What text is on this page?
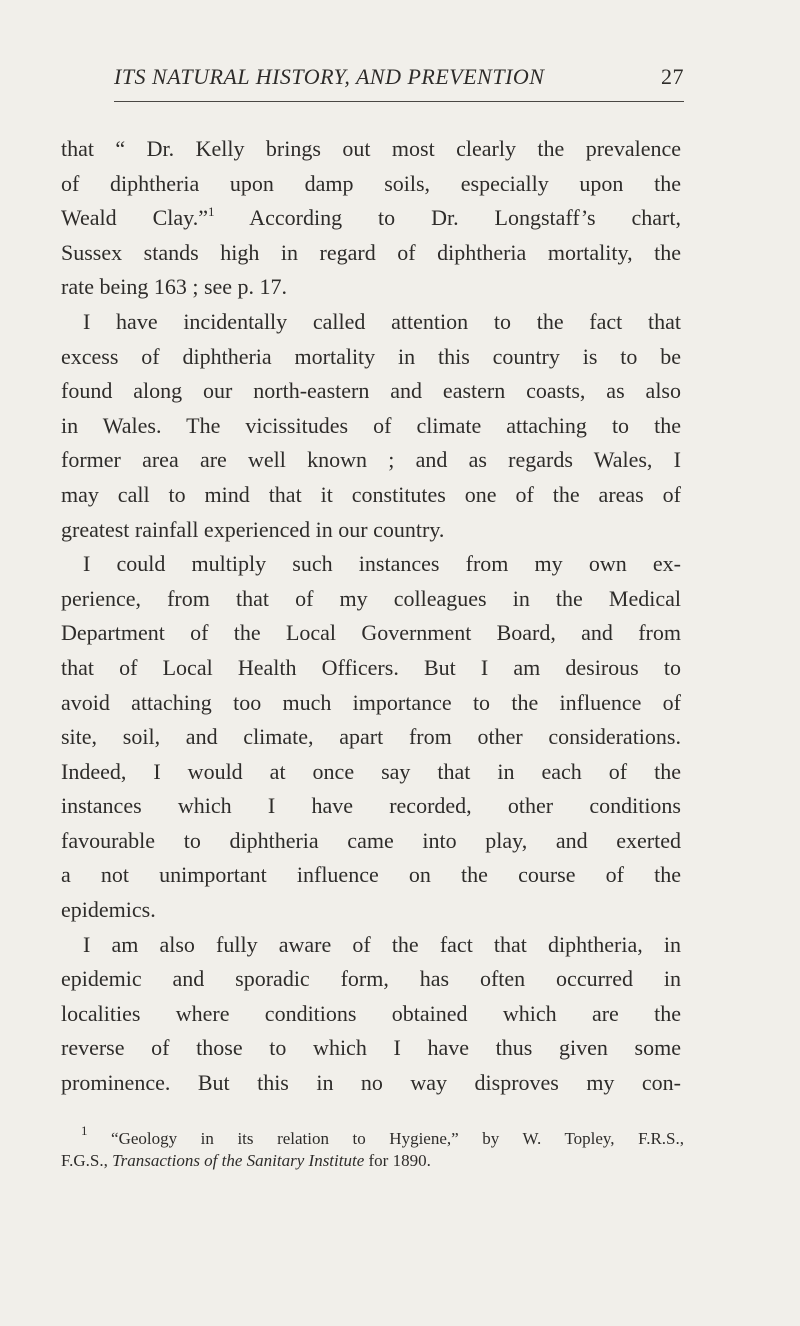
ITS NATURAL HISTORY, AND PREVENTION	27
that “ Dr. Kelly brings out most clearly the prevalence
of diphtheria upon damp soils, especially upon the
Weald Clay.”$^1$ According to Dr. Longstaff’s chart,
Sussex stands high in regard of diphtheria mortality, the
rate being 163 ; see p. 17.
I have incidentally called attention to the fact that
excess of diphtheria mortality in this country is to be
found along our north-eastern and eastern coasts, as also
in Wales. The vicissitudes of climate attaching to the
former area are well known ; and as regards Wales, I
may call to mind that it constitutes one of the areas of
greatest rainfall experienced in our country.
I could multiply such instances from my own ex-
perience, from that of my colleagues in the Medical
Department of the Local Government Board, and from
that of Local Health Officers. But I am desirous to
avoid attaching too much importance to the influence of
site, soil, and climate, apart from other considerations.
Indeed, I would at once say that in each of the
instances which I have recorded, other conditions
favourable to diphtheria came into play, and exerted
a not unimportant influence on the course of the
epidemics.
I am also fully aware of the fact that diphtheria, in
epidemic and sporadic form, has often occurred in
localities where conditions obtained which are the
reverse of those to which I have thus given some
prominence. But this in no way disproves my con-
$^1$ “Geology in its relation to Hygiene,” by W. Topley, F.R.S.,
F.G.S., Transactions of the Sanitary Institute for 1890.
